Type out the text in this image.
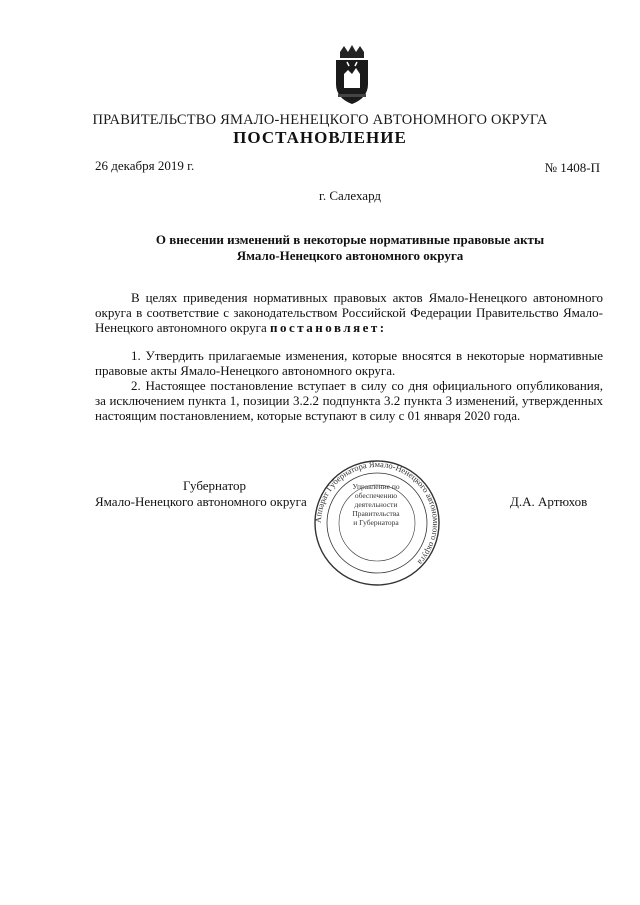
ПРАВИТЕЛЬСТВО ЯМАЛО-НЕНЕЦКОГО АВТОНОМНОГО ОКРУГА
ПОСТАНОВЛЕНИЕ
26 декабря 2019 г.	№ 1408-П
г. Салехард
О внесении изменений в некоторые нормативные правовые акты
Ямало-Ненецкого автономного округа

В целях приведения нормативных правовых актов Ямало-Ненецкого автономного округа в соответствие с законодательством Российской Федерации Правительство Ямало-Ненецкого автономного округа постановляет:

1. Утвердить прилагаемые изменения, которые вносятся в некоторые нормативные правовые акты Ямало-Ненецкого автономного округа.

2. Настоящее постановление вступает в силу со дня официального опубликования, за исключением пункта 1, позиции 3.2.2 подпункта 3.2 пункта 3 изменений, утвержденных настоящим постановлением, которые вступают в силу с 01 января 2020 года.

Аппарат Губернатора Ямало-Ненецкого автономного округа
Управление по
обеспечению
деятельности
Правительства
и Губернатора
Губернатор
Ямало-Ненецкого автономного округа	Д.А. Артюхов
